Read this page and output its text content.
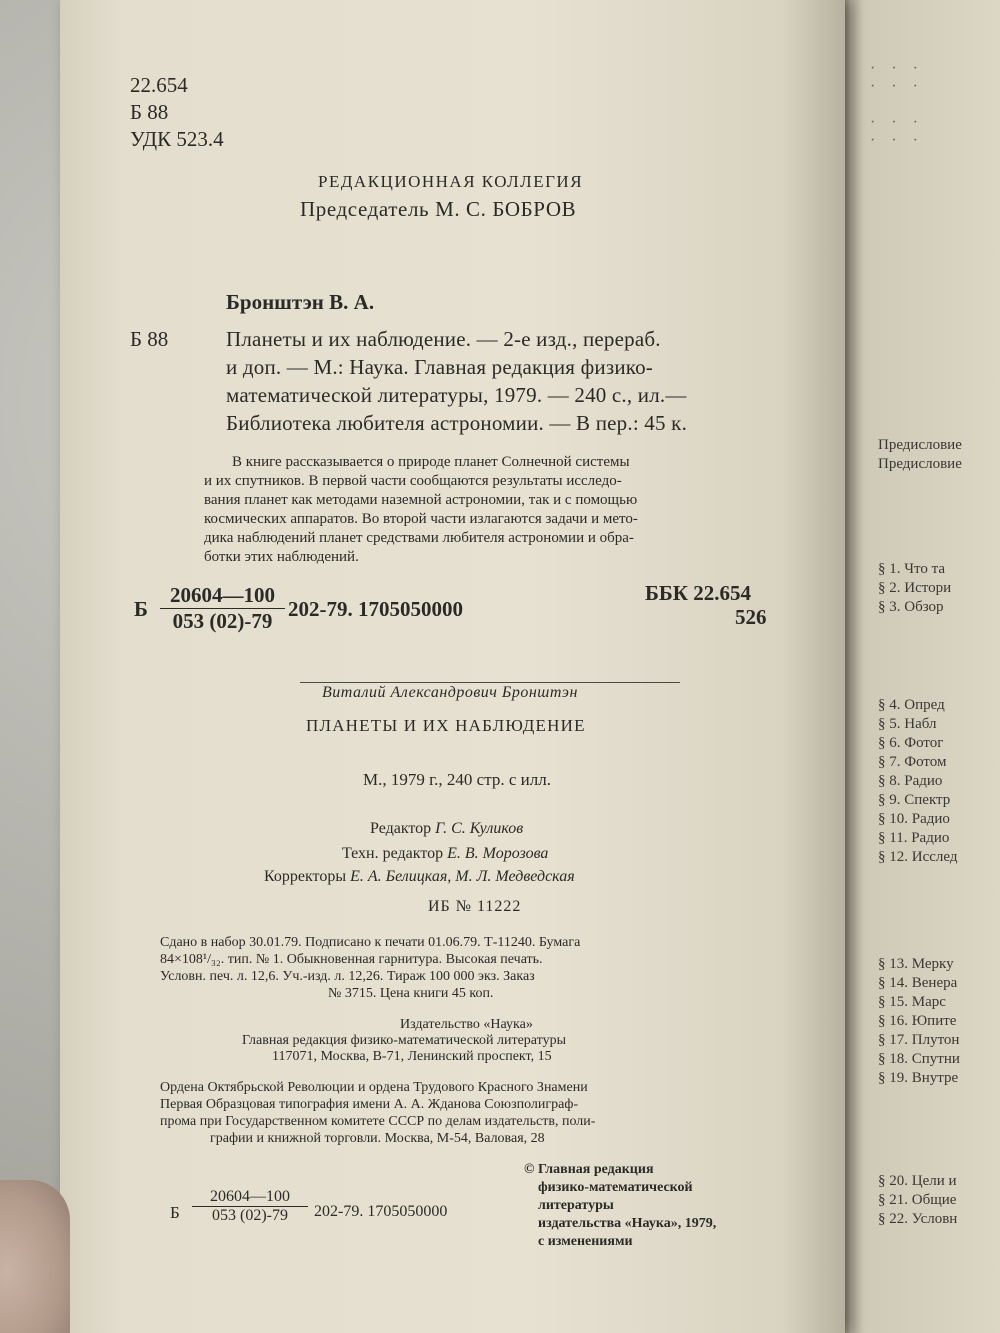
22.654
Б 88
УДК 523.4
РЕДАКЦИОННАЯ КОЛЛЕГИЯ
Председатель М. С. БОБРОВ
Бронштэн В. А.
Б 88	Планеты и их наблюдение. — 2-е изд., перераб.
и доп. — М.: Наука. Главная редакция физико-
математической литературы, 1979. — 240 с., ил.—
Библиотека любителя астрономии. — В пер.: 45 к.
В книге рассказывается о природе планет Солнечной системы
и их спутников. В первой части сообщаются результаты исследо-
вания планет как методами наземной астрономии, так и с помощью
космических аппаратов. Во второй части излагаются задачи и мето-
дика наблюдений планет средствами любителя астрономии и обра-
ботки этих наблюдений.
Б $\frac{20604—100}{053 (02)-79} 202-79$. 1705050000
ББК 22.654
526
Виталий Александрович Бронштэн
ПЛАНЕТЫ И ИХ НАБЛЮДЕНИЕ
М., 1979 г., 240 стр. с илл.
Редактор Г. С. Куликов
Техн. редактор Е. В. Морозова
Корректоры Е. А. Белицкая, М. Л. Медведская
ИБ № 11222
Сдано в набор 30.01.79. Подписано к печати 01.06.79. Т-11240. Бумага
84×108¹/₃₂. тип. № 1. Обыкновенная гарнитура. Высокая печать.
Условн. печ. л. 12,6. Уч.-изд. л. 12,26. Тираж 100 000 экз. Заказ
№ 3715. Цена книги 45 коп.
Издательство «Наука»
Главная редакция физико-математической литературы
117071, Москва, В-71, Ленинский проспект, 15
Ордена Октябрьской Революции и ордена Трудового Красного Знамени
Первая Образцовая типография имени А. А. Жданова Союзполиграф-
прома при Государственном комитете СССР по делам издательств, поли-
графии и книжной торговли. Москва, М-54, Валовая, 28
Б $\frac{20604—100}{053 (02)-79} 202-79$. 1705050000
© Главная редакция
физико-математической
литературы
издательства «Наука», 1979,
с изменениями
· · ·
· · ·

· · ·
· · ·
Предисловие
Предисловие
§ 1. Что та
§ 2. Истори
§ 3. Обзор
§ 4. Опред
§ 5. Набл
§ 6. Фотог
§ 7. Фотом
§ 8. Радио
§ 9. Спектр
§ 10. Радио
§ 11. Радио
§ 12. Исслед
§ 13. Мерку
§ 14. Венера
§ 15. Марс
§ 16. Юпите
§ 17. Плутон
§ 18. Спутни
§ 19. Внутре
§ 20. Цели и
§ 21. Общие
§ 22. Условн
